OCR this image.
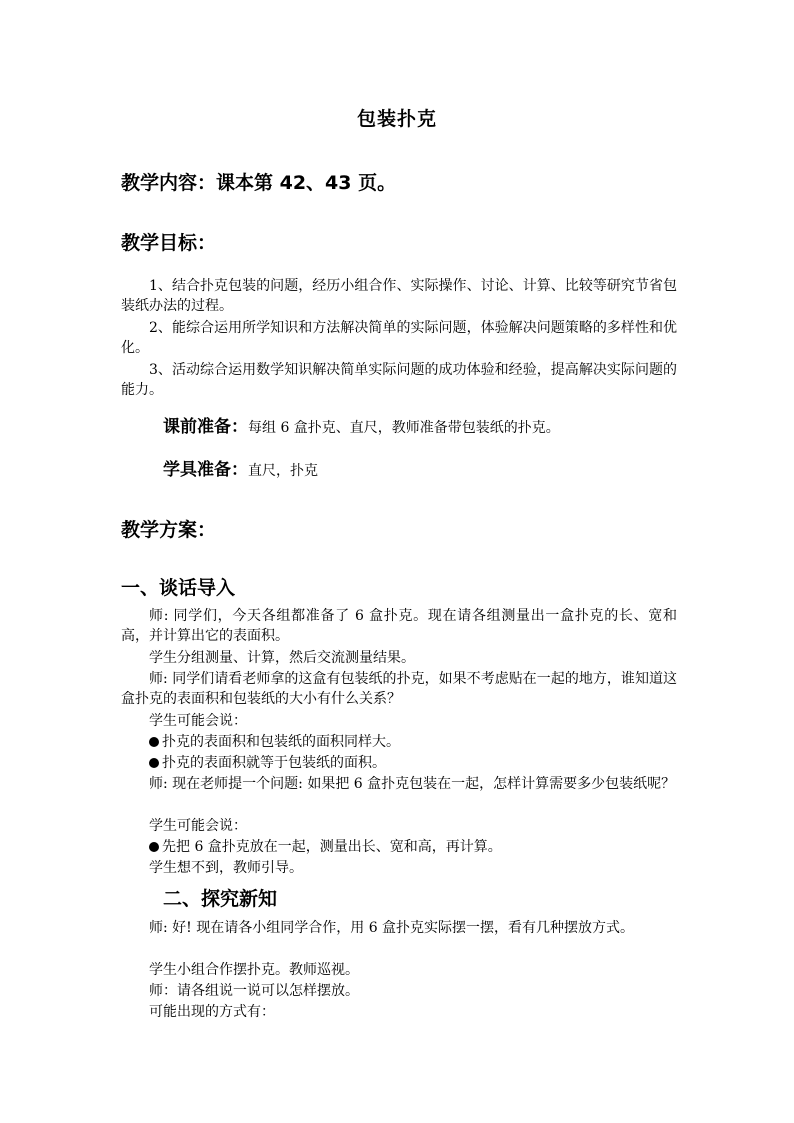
包装扑克
教学内容：课本第 42、43 页。
教学目标：
1、结合扑克包装的问题，经历小组合作、实际操作、讨论、计算、比较等研究节省包装纸办法的过程。
2、能综合运用所学知识和方法解决简单的实际问题，体验解决问题策略的多样性和优化。
3、活动综合运用数学知识解决简单实际问题的成功体验和经验，提高解决实际问题的能力。
课前准备：每组 6 盒扑克、直尺，教师准备带包装纸的扑克。
学具准备：直尺，扑克
教学方案：
一、谈话导入
师: 同学们，今天各组都准备了 6 盒扑克。现在请各组测量出一盒扑克的长、宽和高，并计算出它的表面积。
学生分组测量、计算，然后交流测量结果。
师: 同学们请看老师拿的这盒有包装纸的扑克，如果不考虑贴在一起的地方，谁知道这盒扑克的表面积和包装纸的大小有什么关系？
学生可能会说：
扑克的表面积和包装纸的面积同样大。
扑克的表面积就等于包装纸的面积。
师: 现在老师提一个问题: 如果把 6 盒扑克包装在一起，怎样计算需要多少包装纸呢？
学生可能会说：
先把 6 盒扑克放在一起，测量出长、宽和高，再计算。
学生想不到，教师引导。
二、探究新知
师: 好! 现在请各小组同学合作，用 6 盒扑克实际摆一摆，看有几种摆放方式。
学生小组合作摆扑克。教师巡视。
师：请各组说一说可以怎样摆放。
可能出现的方式有：
